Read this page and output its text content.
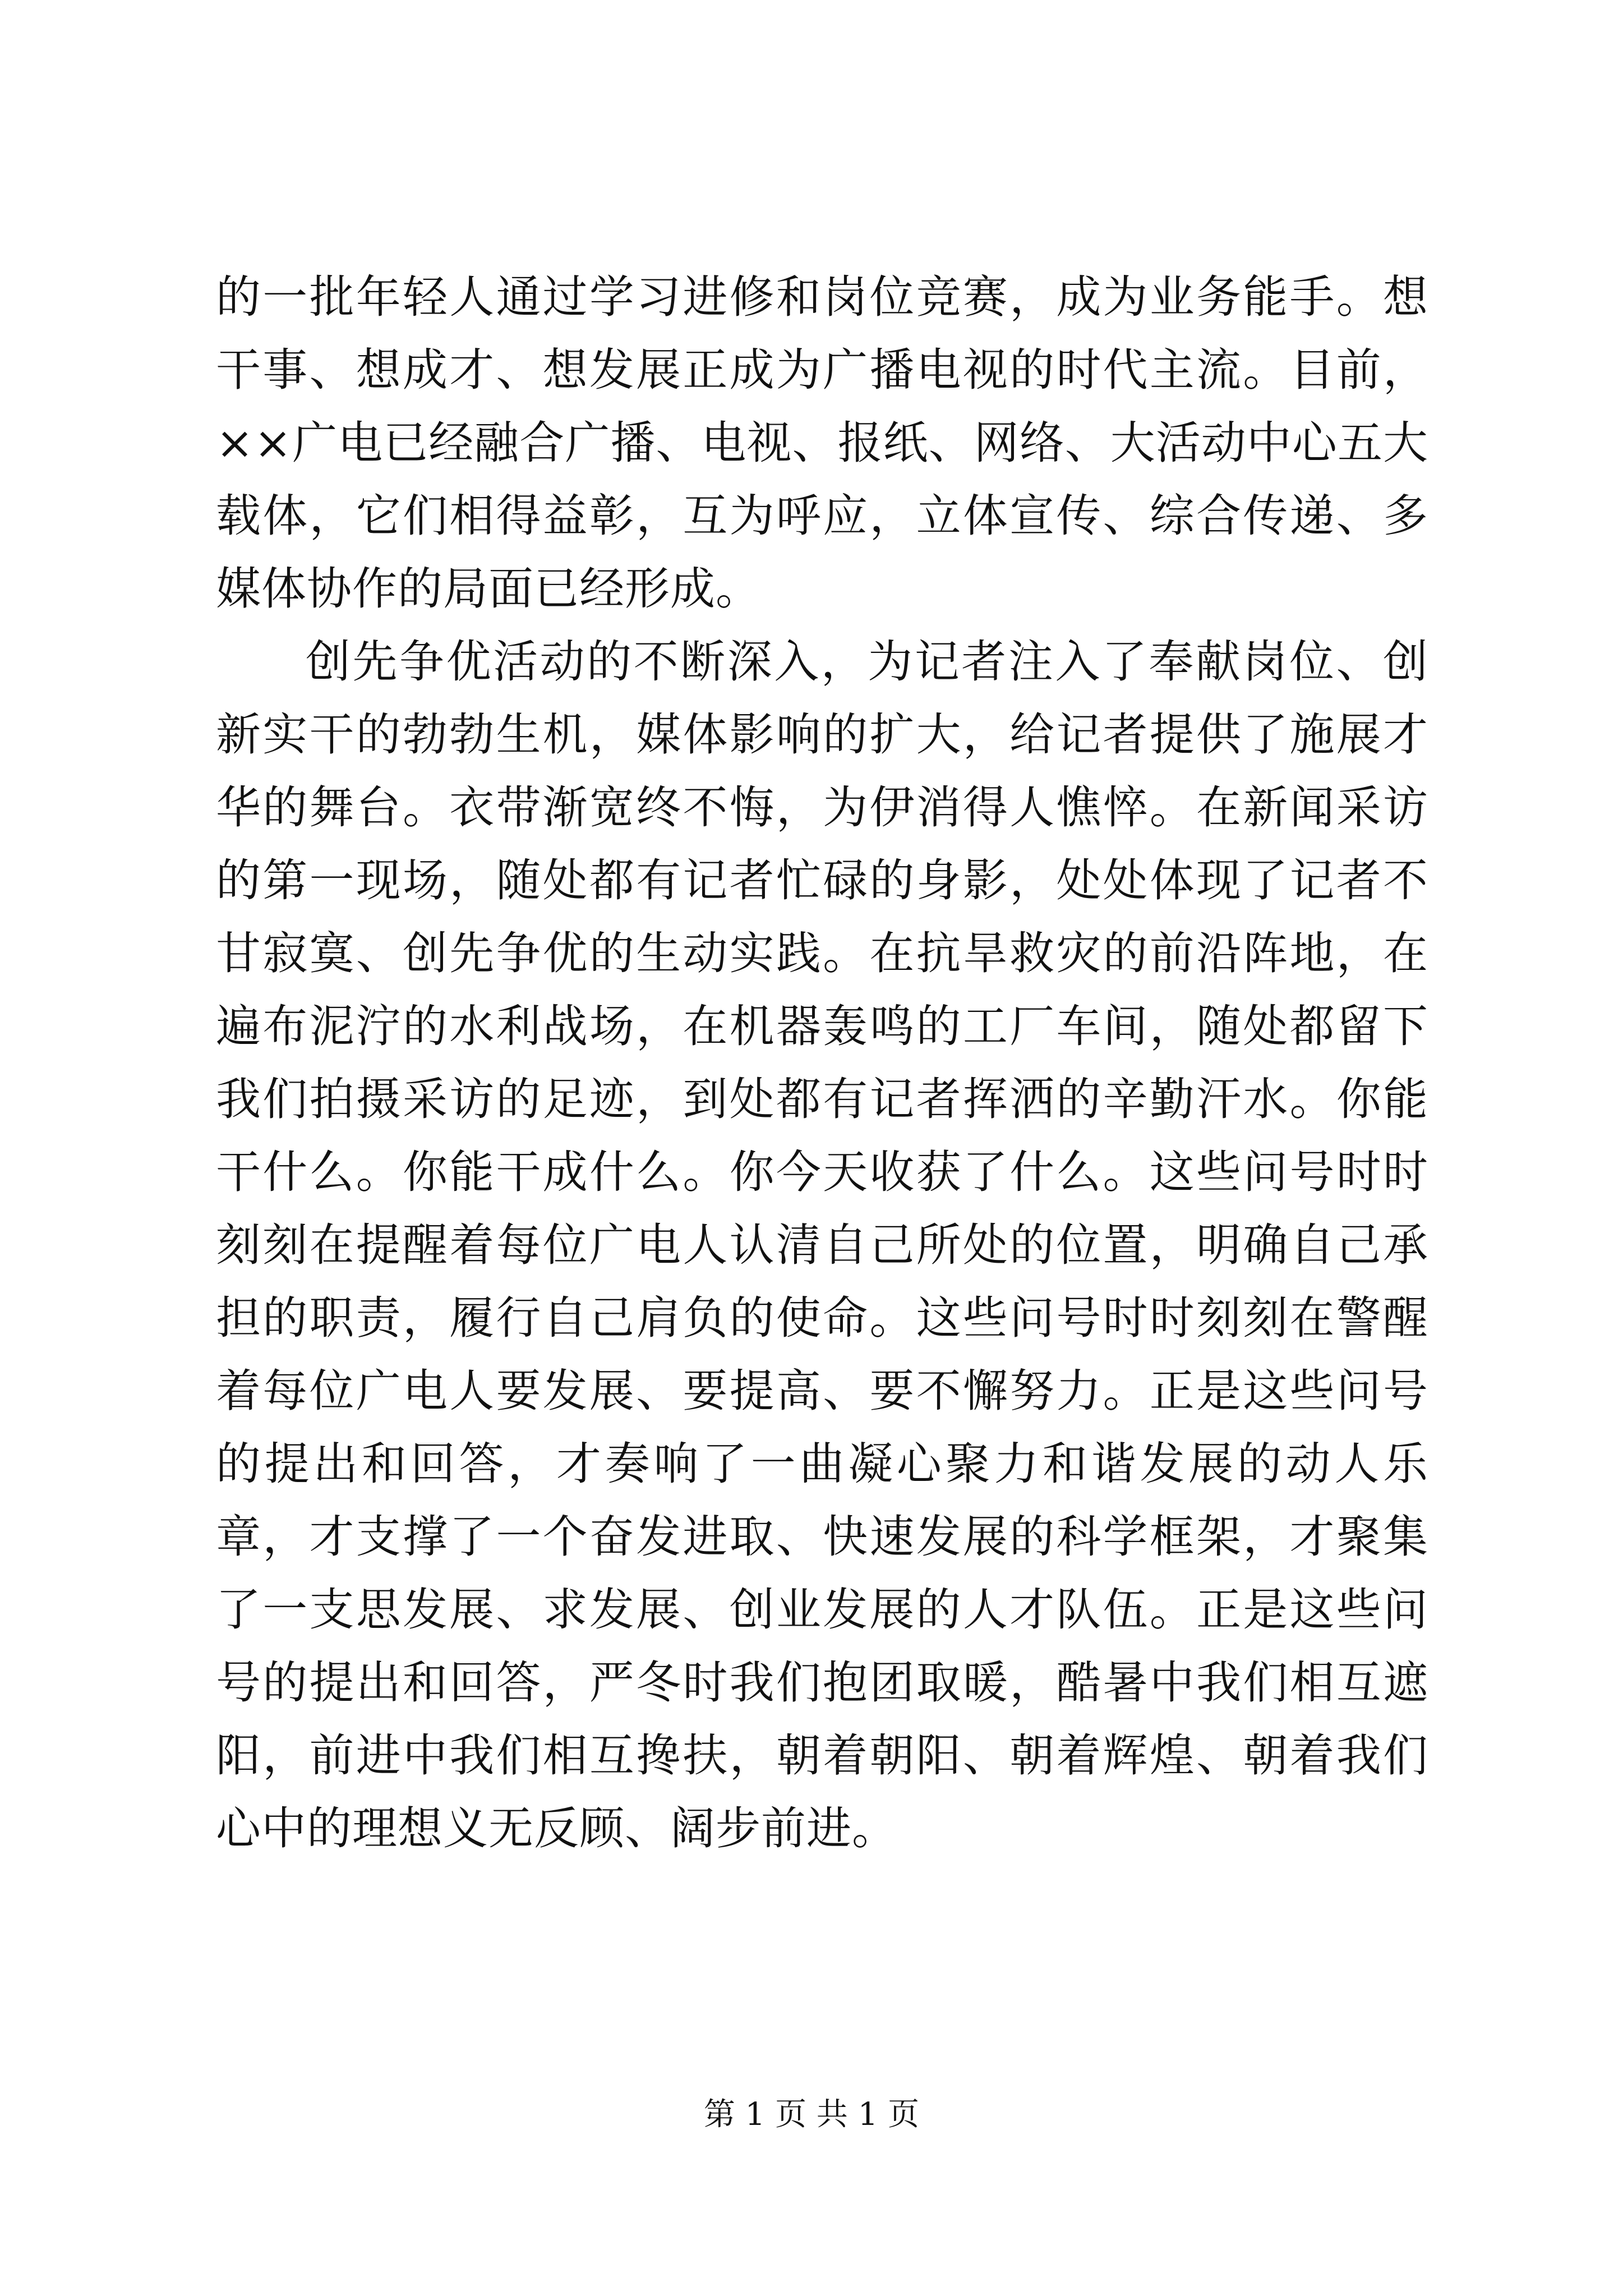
的一批年轻人通过学习进修和岗位竞赛，成为业务能手。想干事、想成才、想发展正成为广播电视的时代主流。目前，××广电已经融合广播、电视、报纸、网络、大活动中心五大载体，它们相得益彰，互为呼应，立体宣传、综合传递、多媒体协作的局面已经形成。

创先争优活动的不断深入，为记者注入了奉献岗位、创新实干的勃勃生机，媒体影响的扩大，给记者提供了施展才华的舞台。衣带渐宽终不悔，为伊消得人憔悴。在新闻采访的第一现场，随处都有记者忙碌的身影，处处体现了记者不甘寂寞、创先争优的生动实践。在抗旱救灾的前沿阵地，在遍布泥泞的水利战场，在机器轰鸣的工厂车间，随处都留下我们拍摄采访的足迹，到处都有记者挥洒的辛勤汗水。你能干什么。你能干成什么。你今天收获了什么。这些问号时时刻刻在提醒着每位广电人认清自己所处的位置，明确自己承担的职责，履行自己肩负的使命。这些问号时时刻刻在警醒着每位广电人要发展、要提高、要不懈努力。正是这些问号的提出和回答，才奏响了一曲凝心聚力和谐发展的动人乐章，才支撑了一个奋发进取、快速发展的科学框架，才聚集了一支思发展、求发展、创业发展的人才队伍。正是这些问号的提出和回答，严冬时我们抱团取暖，酷暑中我们相互遮阳，前进中我们相互搀扶，朝着朝阳、朝着辉煌、朝着我们心中的理想义无反顾、阔步前进。

第 1 页 共 1 页
